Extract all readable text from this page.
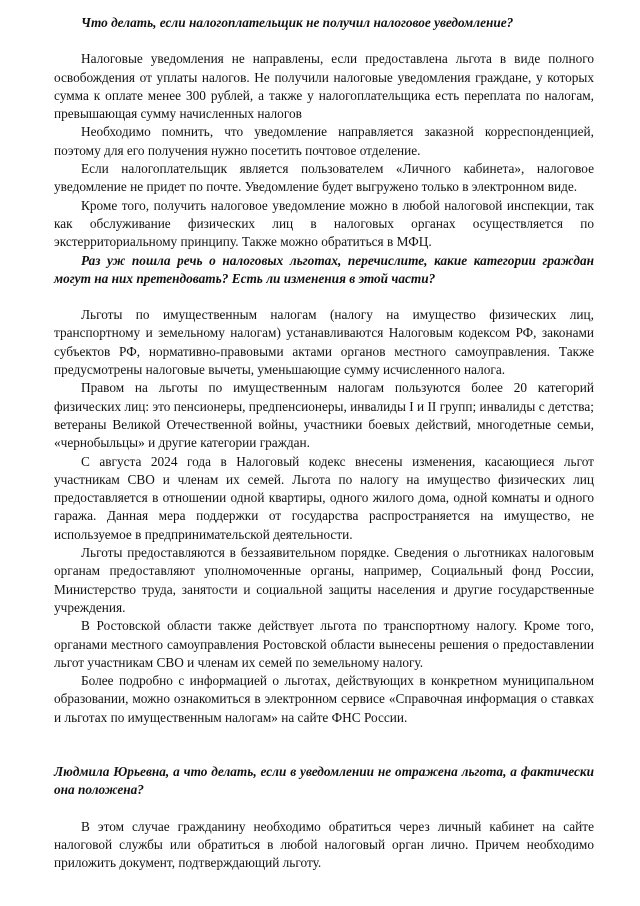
Что делать, если налогоплательщик не получил налоговое уведомление?

Налоговые уведомления не направлены, если предоставлена льгота в виде полного освобождения от уплаты налогов. Не получили налоговые уведомления граждане, у которых сумма к оплате менее 300 рублей, а также у налогоплательщика есть переплата по налогам, превышающая сумму начисленных налогов

Необходимо помнить, что уведомление направляется заказной корреспонденцией, поэтому для его получения нужно посетить почтовое отделение.

Если налогоплательщик является пользователем «Личного кабинета», налоговое уведомление не придет по почте. Уведомление будет выгружено только в электронном виде.

Кроме того, получить налоговое уведомление можно в любой налоговой инспекции, так как обслуживание физических лиц в налоговых органах осуществляется по экстерриториальному принципу. Также можно обратиться в МФЦ.

Раз уж пошла речь о налоговых льготах, перечислите, какие категории граждан могут на них претендовать? Есть ли изменения в этой части?

Льготы по имущественным налогам (налогу на имущество физических лиц, транспортному и земельному налогам) устанавливаются Налоговым кодексом РФ, законами субъектов РФ, нормативно-правовыми актами органов местного самоуправления. Также предусмотрены налоговые вычеты, уменьшающие сумму исчисленного налога.

Правом на льготы по имущественным налогам пользуются более 20 категорий физических лиц: это пенсионеры, предпенсионеры, инвалиды I и II групп; инвалиды с детства; ветераны Великой Отечественной войны, участники боевых действий, многодетные семьи, «чернобыльцы» и другие категории граждан.

С августа 2024 года в Налоговый кодекс внесены изменения, касающиеся льгот участникам СВО и членам их семей. Льгота по налогу на имущество физических лиц предоставляется в отношении одной квартиры, одного жилого дома, одной комнаты и одного гаража. Данная мера поддержки от государства распространяется на имущество, не используемое в предпринимательской деятельности.

Льготы предоставляются в беззаявительном порядке. Сведения о льготниках налоговым органам предоставляют уполномоченные органы, например, Социальный фонд России, Министерство труда, занятости и социальной защиты населения и другие государственные учреждения.

В Ростовской области также действует льгота по транспортному налогу. Кроме того, органами местного самоуправления Ростовской области вынесены решения о предоставлении льгот участникам СВО и членам их семей по земельному налогу.

Более подробно с информацией о льготах, действующих в конкретном муниципальном образовании, можно ознакомиться в электронном сервисе «Справочная информация о ставках и льготах по имущественным налогам» на сайте ФНС России.

Людмила Юрьевна, а что делать, если в уведомлении не отражена льгота, а фактически она положена?

В этом случае гражданину необходимо обратиться через личный кабинет на сайте налоговой службы или обратиться в любой налоговый орган лично. Причем необходимо приложить документ, подтверждающий льготу.
